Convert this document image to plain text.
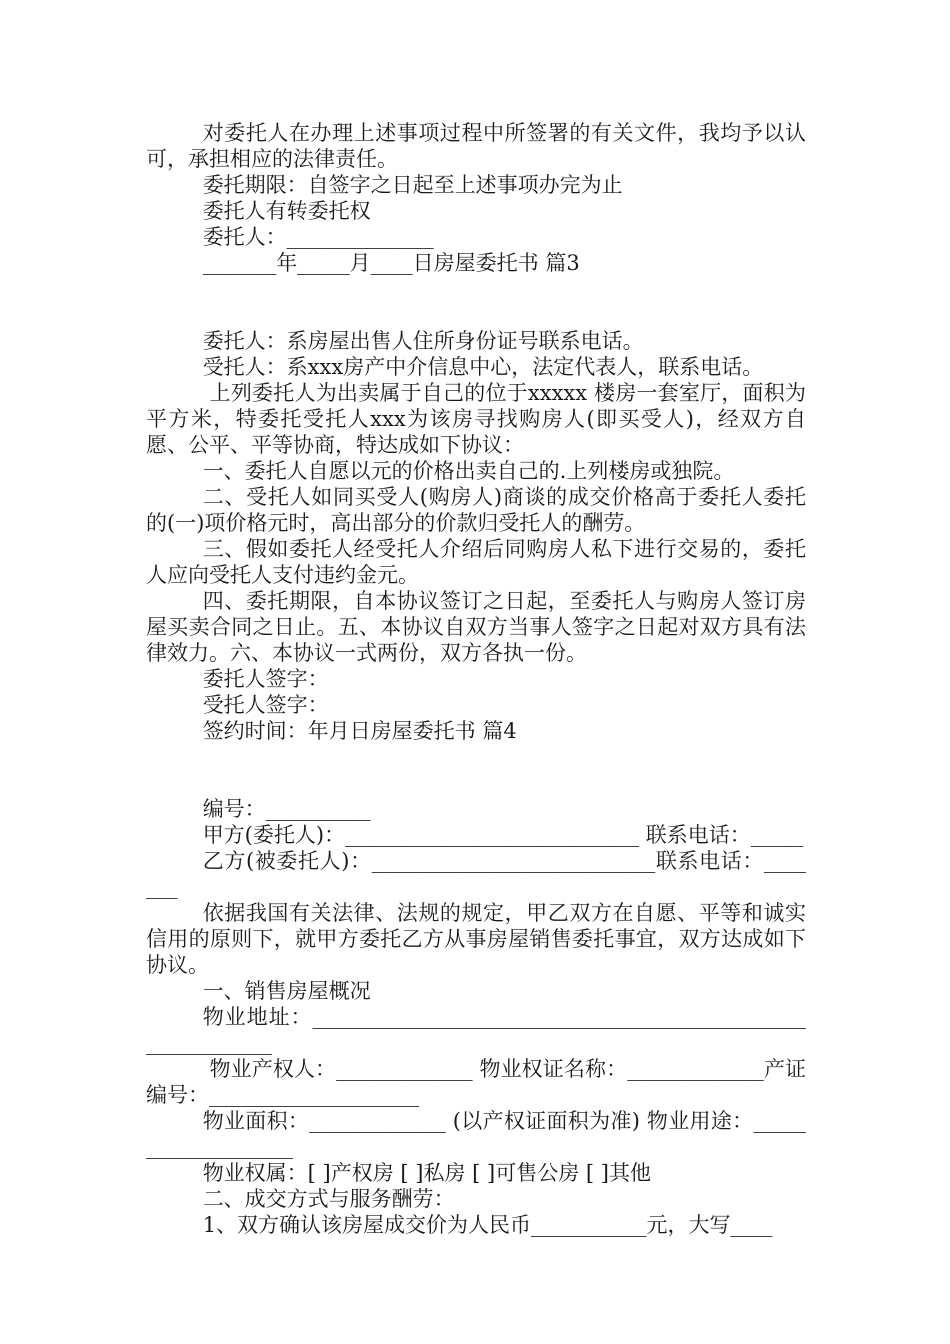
对委托人在办理上述事项过程中所签署的有关文件，我均予以认可，承担相应的法律责任。

委托期限：自签字之日起至上述事项办完为止

委托人有转委托权

委托人：______________

_______年_____月____日房屋委托书 篇3

委托人：系房屋出售人住所身份证号联系电话。

受托人：系xxx房产中介信息中心，法定代表人，联系电话。

上列委托人为出卖属于自己的位于xxxxx 楼房一套室厅，面积为平方米，特委托受托人xxx为该房寻找购房人(即买受人)，经双方自愿、公平、平等协商，特达成如下协议：

一、委托人自愿以元的价格出卖自己的.上列楼房或独院。

二、受托人如同买受人(购房人)商谈的成交价格高于委托人委托的(一)项价格元时，高出部分的价款归受托人的酬劳。

三、假如委托人经受托人介绍后同购房人私下进行交易的，委托人应向受托人支付违约金元。

四、委托期限，自本协议签订之日起，至委托人与购房人签订房屋买卖合同之日止。五、本协议自双方当事人签字之日起对双方具有法律效力。六、本协议一式两份，双方各执一份。

委托人签字：

受托人签字：

签约时间：年月日房屋委托书 篇4

编号：__________

甲方(委托人)：____________________________ 联系电话：_____

乙方(被委托人)：___________________________联系电话：_______

依据我国有关法律、法规的规定，甲乙双方在自愿、平等和诚实信用的原则下，就甲方委托乙方从事房屋销售委托事宜，双方达成如下协议。

一、销售房屋概况

物业地址：___________________________________________________________

物业产权人：_____________ 物业权证名称：_____________产证编号：____________________

物业面积：_____________ (以产权证面积为准) 物业用途：___________________

物业权属：[ ]产权房 [ ]私房 [ ]可售公房 [ ]其他

二、成交方式与服务酬劳：

1、双方确认该房屋成交价为人民币___________元，大写____
